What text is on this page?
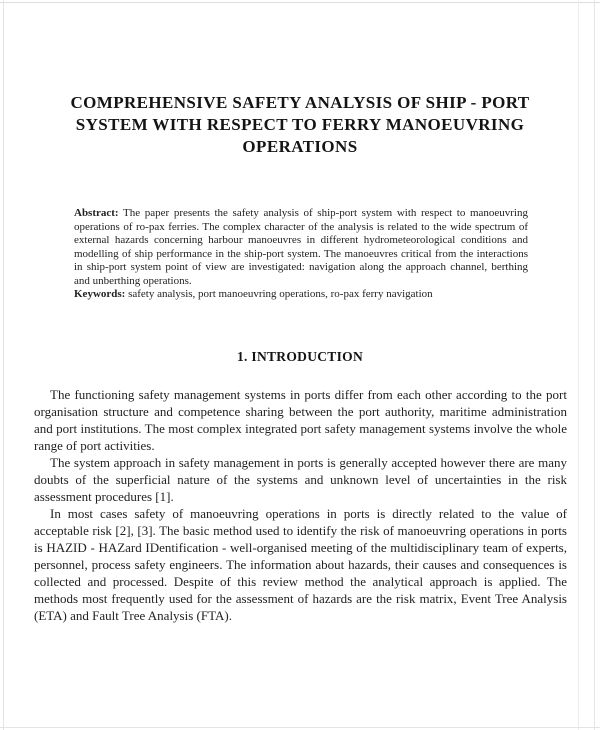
COMPREHENSIVE SAFETY ANALYSIS OF SHIP - PORT
SYSTEM WITH RESPECT TO FERRY MANOEUVRING
OPERATIONS

Abstract: The paper presents the safety analysis of ship-port system with respect to manoeuvring operations of ro-pax ferries. The complex character of the analysis is related to the wide spectrum of external hazards concerning harbour manoeuvres in different hydrometeorological conditions and modelling of ship performance in the ship-port system. The manoeuvres critical from the interactions in ship-port system point of view are investigated: navigation along the approach channel, berthing and unberthing operations.

Keywords: safety analysis, port manoeuvring operations, ro-pax ferry navigation

1. INTRODUCTION

The functioning safety management systems in ports differ from each other according to the port organisation structure and competence sharing between the port authority, maritime administration and port institutions. The most complex integrated port safety management systems involve the whole range of port activities.

The system approach in safety management in ports is generally accepted however there are many doubts of the superficial nature of the systems and unknown level of uncertainties in the risk assessment procedures [1].

In most cases safety of manoeuvring operations in ports is directly related to the value of acceptable risk [2], [3]. The basic method used to identify the risk of manoeuvring operations in ports is HAZID - HAZard IDentification - well-organised meeting of the multidisciplinary team of experts, personnel, process safety engineers. The information about hazards, their causes and consequences is collected and processed. Despite of this review method the analytical approach is applied. The methods most frequently used for the assessment of hazards are the risk matrix, Event Tree Analysis (ETA) and Fault Tree Analysis (FTA).
